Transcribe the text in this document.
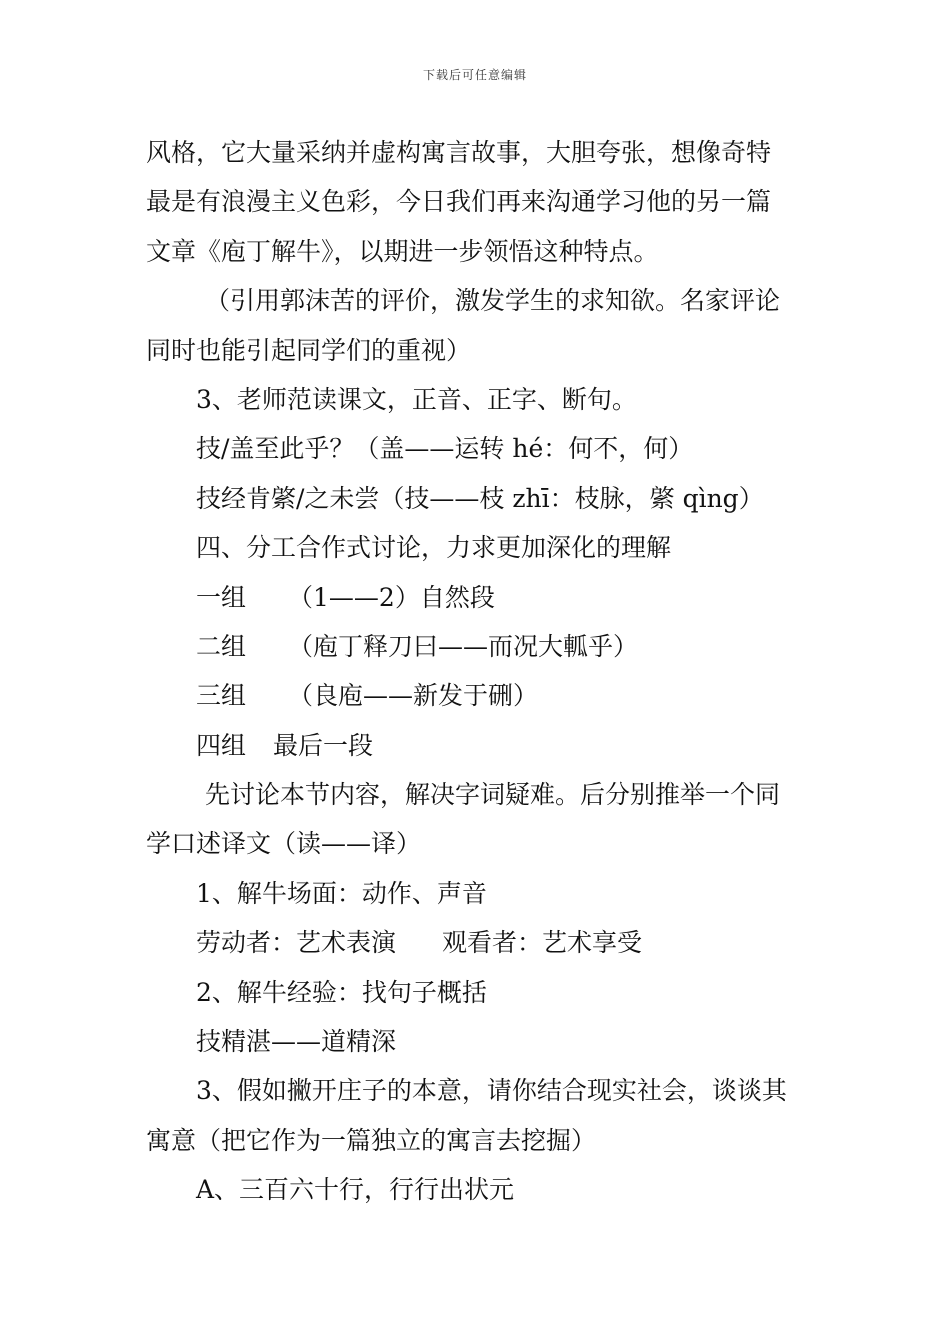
下载后可任意编辑
风格，它大量采纳并虚构寓言故事，大胆夸张，想像奇特
最是有浪漫主义色彩，今日我们再来沟通学习他的另一篇
文章《庖丁解牛》，以期进一步领悟这种特点。
（引用郭沫苦的评价，激发学生的求知欲。名家评论
同时也能引起同学们的重视）
3、老师范读课文，正音、正字、断句。
技/盖至此乎？（盖——运转 hé：何不，何）
技经肯綮/之未尝（技——枝 zhī：枝脉，綮 qìng）
四、分工合作式讨论，力求更加深化的理解
一组 （1——2）自然段
二组 （庖丁释刀曰——而况大軱乎）
三组 （良庖——新发于硎）
四组 最后一段
先讨论本节内容，解决字词疑难。后分别推举一个同
学口述译文（读——译）
1、解牛场面：动作、声音
劳动者：艺术表演 观看者：艺术享受
2、解牛经验：找句子概括
技精湛——道精深
3、假如撇开庄子的本意，请你结合现实社会，谈谈其
寓意（把它作为一篇独立的寓言去挖掘）
A、三百六十行，行行出状元
